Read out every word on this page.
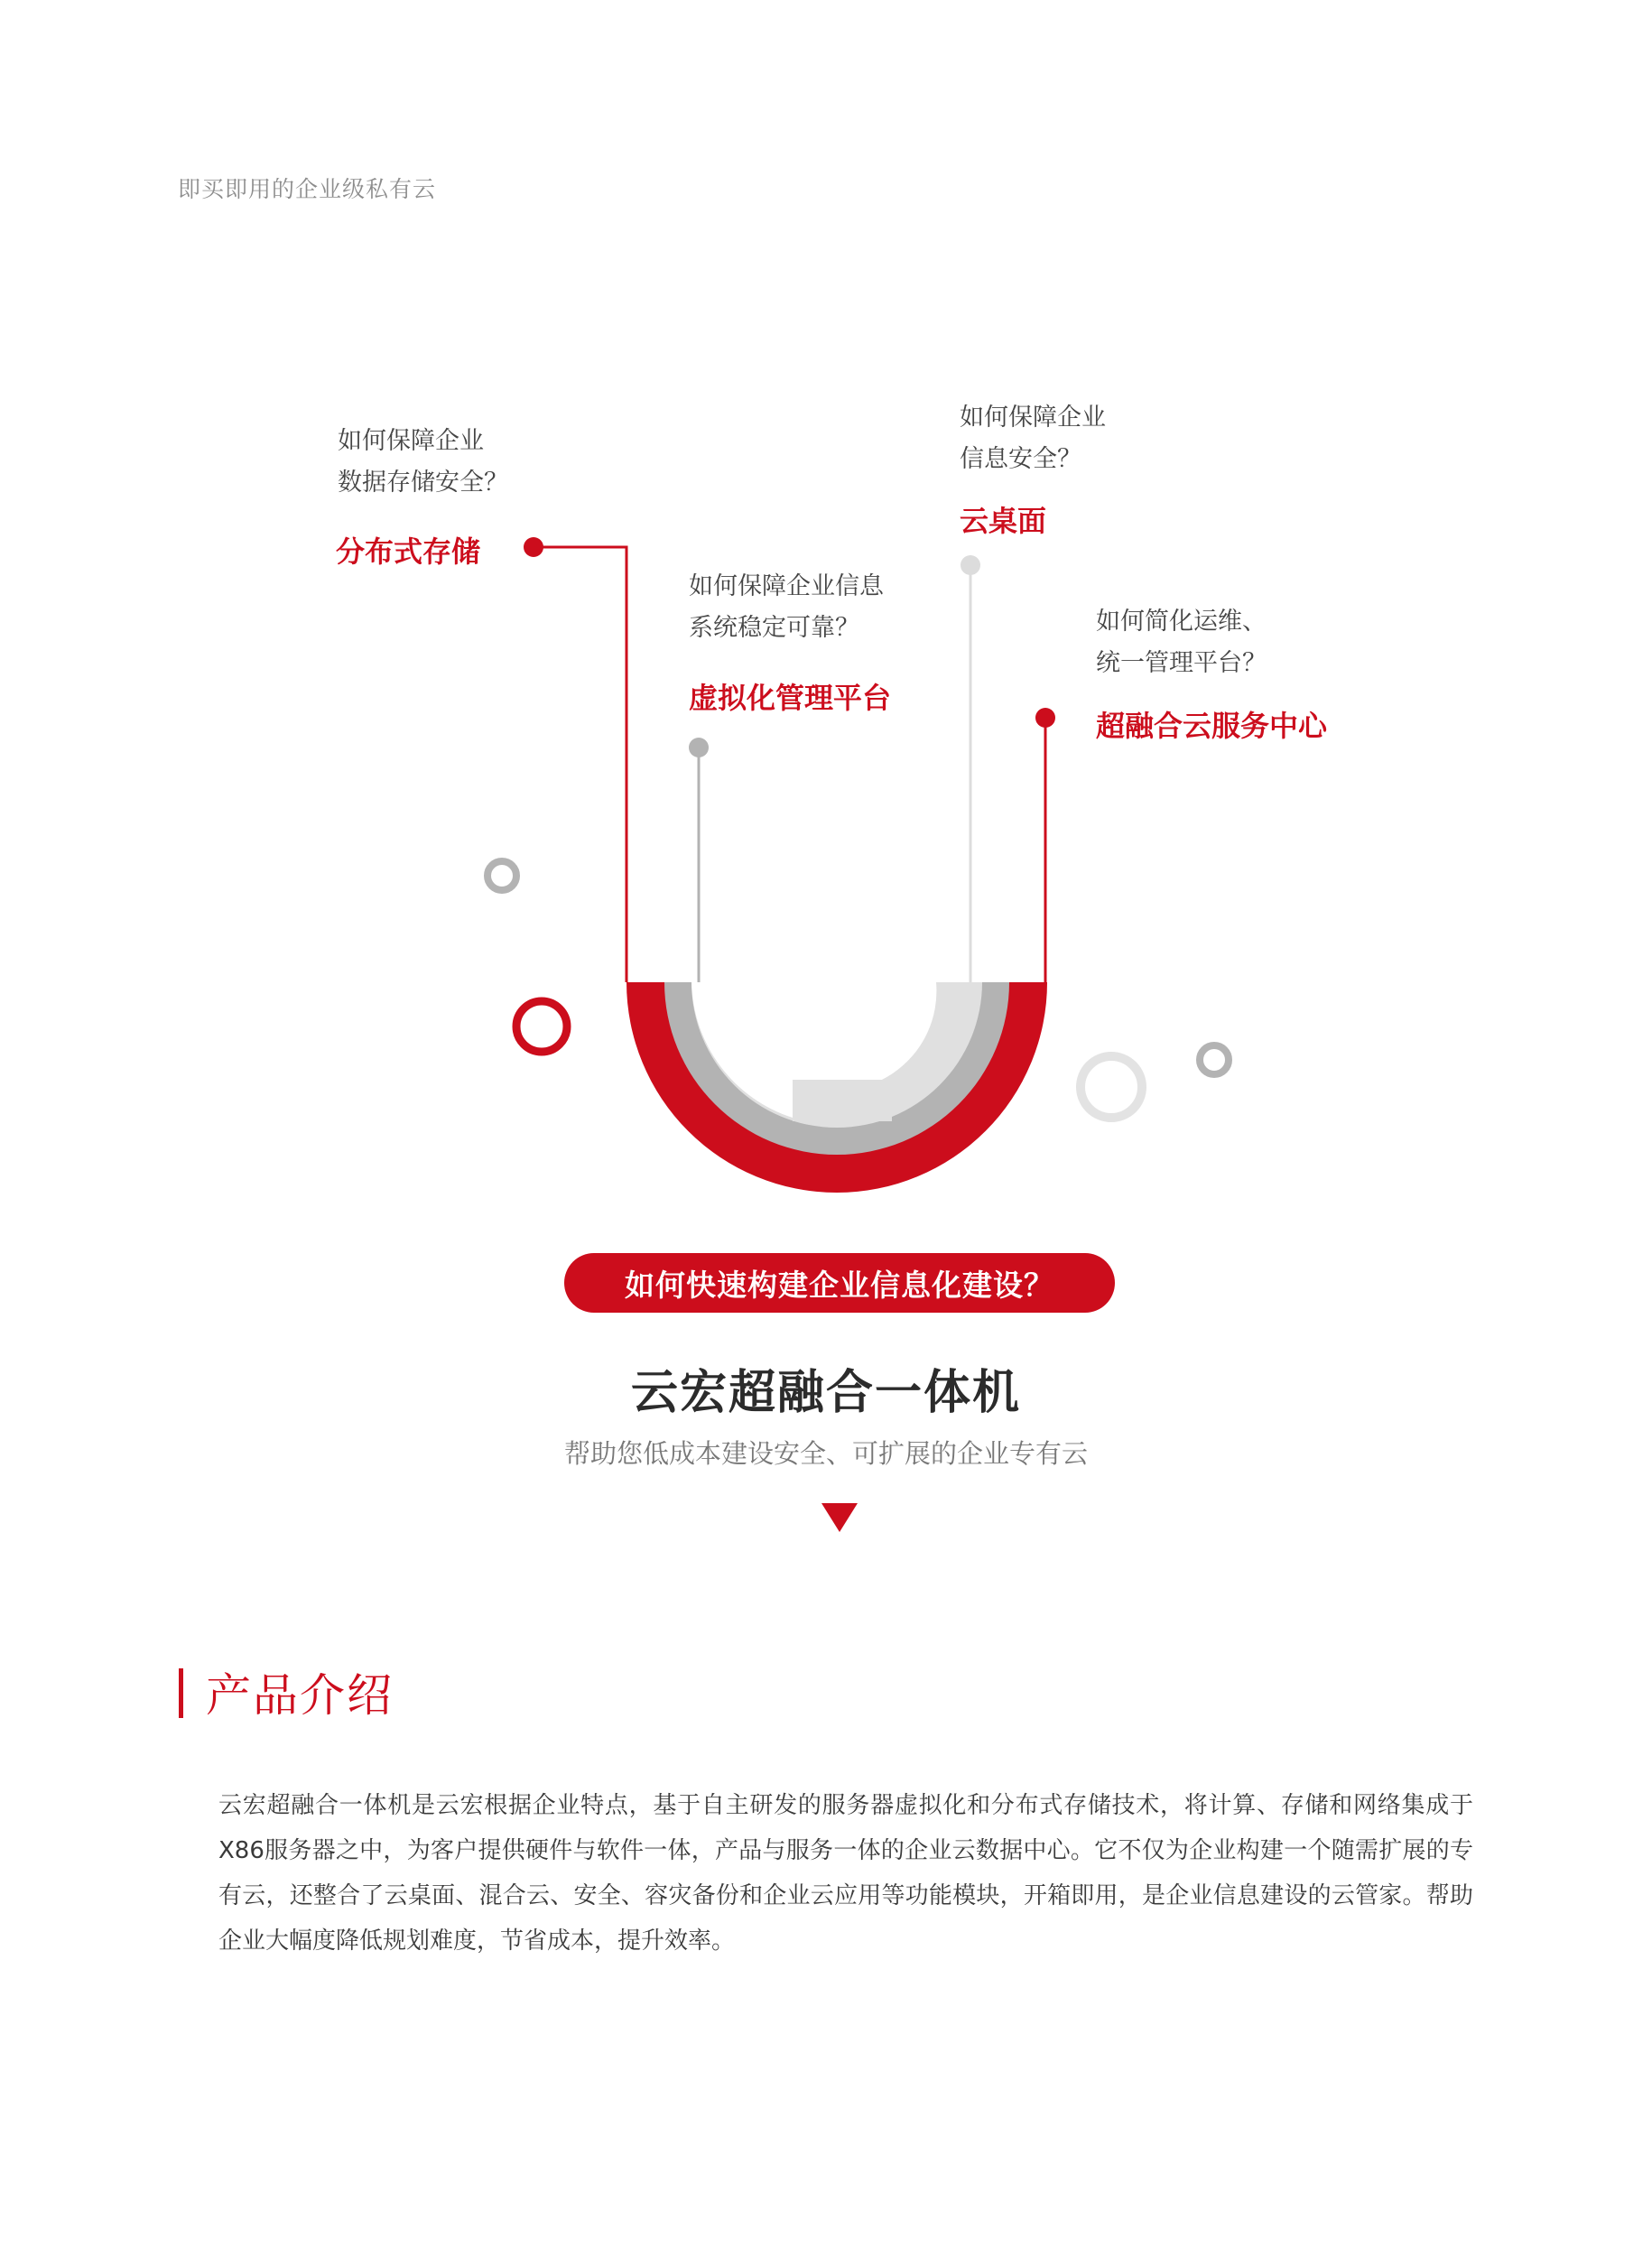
即买即用的企业级私有云
如何保障企业
数据存储安全？
分布式存储
如何保障企业信息
系统稳定可靠？
虚拟化管理平台
如何保障企业
信息安全？
云桌面
如何简化运维、
统一管理平台？
超融合云服务中心
如何快速构建企业信息化建设？
云宏超融合一体机
帮助您低成本建设安全、可扩展的企业专有云
产品介绍
云宏超融合一体机是云宏根据企业特点，基于自主研发的服务器虚拟化和分布式存储技术，将计算、存储和网络集成于X86服务器之中，为客户提供硬件与软件一体，产品与服务一体的企业云数据中心。它不仅为企业构建一个随需扩展的专有云，还整合了云桌面、混合云、安全、容灾备份和企业云应用等功能模块，开箱即用，是企业信息建设的云管家。帮助企业大幅度降低规划难度，节省成本，提升效率。
